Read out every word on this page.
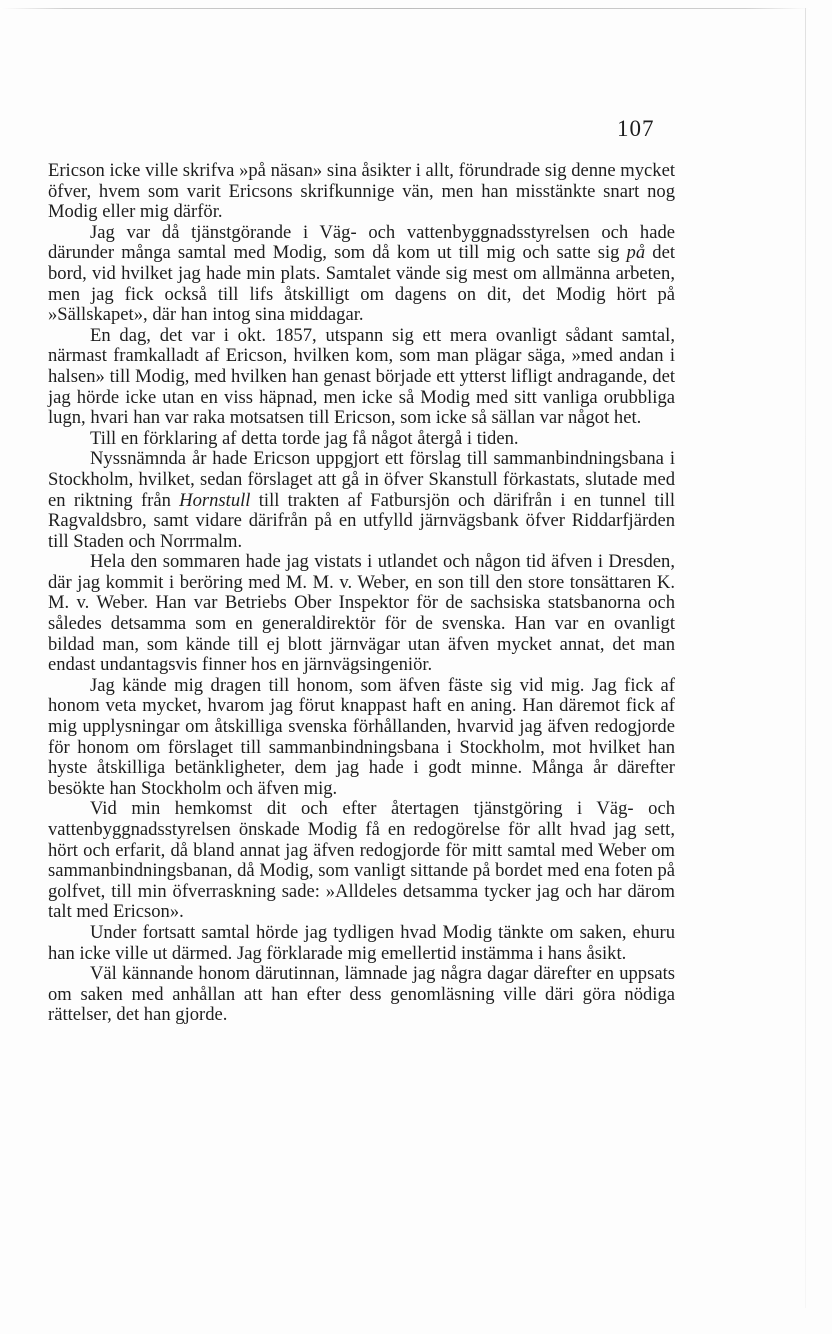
107

Ericson icke ville skrifva »på näsan» sina åsikter i allt, förundrade sig denne mycket öfver, hvem som varit Ericsons skrifkunnige vän, men han misstänkte snart nog Modig eller mig därför.

Jag var då tjänstgörande i Väg- och vattenbyggnadsstyrelsen och hade därunder många samtal med Modig, som då kom ut till mig och satte sig på det bord, vid hvilket jag hade min plats. Samtalet vände sig mest om allmänna arbeten, men jag fick också till lifs åtskilligt om dagens on dit, det Modig hört på »Sällskapet», där han intog sina middagar.

En dag, det var i okt. 1857, utspann sig ett mera ovanligt sådant samtal, närmast framkalladt af Ericson, hvilken kom, som man plägar säga, »med andan i halsen» till Modig, med hvilken han genast började ett ytterst lifligt andragande, det jag hörde icke utan en viss häpnad, men icke så Modig med sitt vanliga orubbliga lugn, hvari han var raka motsatsen till Ericson, som icke så sällan var något het.

Till en förklaring af detta torde jag få något återgå i tiden.

Nyssnämnda år hade Ericson uppgjort ett förslag till sammanbindningsbana i Stockholm, hvilket, sedan förslaget att gå in öfver Skanstull förkastats, slutade med en riktning från Hornstull till trakten af Fatbursjön och därifrån i en tunnel till Ragvaldsbro, samt vidare därifrån på en utfylld järnvägsbank öfver Riddarfjärden till Staden och Norrmalm.

Hela den sommaren hade jag vistats i utlandet och någon tid äfven i Dresden, där jag kommit i beröring med M. M. v. Weber, en son till den store tonsättaren K. M. v. Weber. Han var Betriebs Ober Inspektor för de sachsiska statsbanorna och således detsamma som en generaldirektör för de svenska. Han var en ovanligt bildad man, som kände till ej blott järnvägar utan äfven mycket annat, det man endast undantagsvis finner hos en järnvägsingeniör.

Jag kände mig dragen till honom, som äfven fäste sig vid mig. Jag fick af honom veta mycket, hvarom jag förut knappast haft en aning. Han däremot fick af mig upplysningar om åtskilliga svenska förhållanden, hvarvid jag äfven redogjorde för honom om förslaget till sammanbindningsbana i Stockholm, mot hvilket han hyste åtskilliga betänkligheter, dem jag hade i godt minne. Många år därefter besökte han Stockholm och äfven mig.

Vid min hemkomst dit och efter återtagen tjänstgöring i Väg- och vattenbyggnadsstyrelsen önskade Modig få en redogörelse för allt hvad jag sett, hört och erfarit, då bland annat jag äfven redogjorde för mitt samtal med Weber om sammanbindningsbanan, då Modig, som vanligt sittande på bordet med ena foten på golfvet, till min öfverraskning sade: »Alldeles detsamma tycker jag och har därom talt med Ericson».

Under fortsatt samtal hörde jag tydligen hvad Modig tänkte om saken, ehuru han icke ville ut därmed. Jag förklarade mig emellertid instämma i hans åsikt.

Väl kännande honom därutinnan, lämnade jag några dagar därefter en uppsats om saken med anhållan att han efter dess genomläsning ville däri göra nödiga rättelser, det han gjorde.
